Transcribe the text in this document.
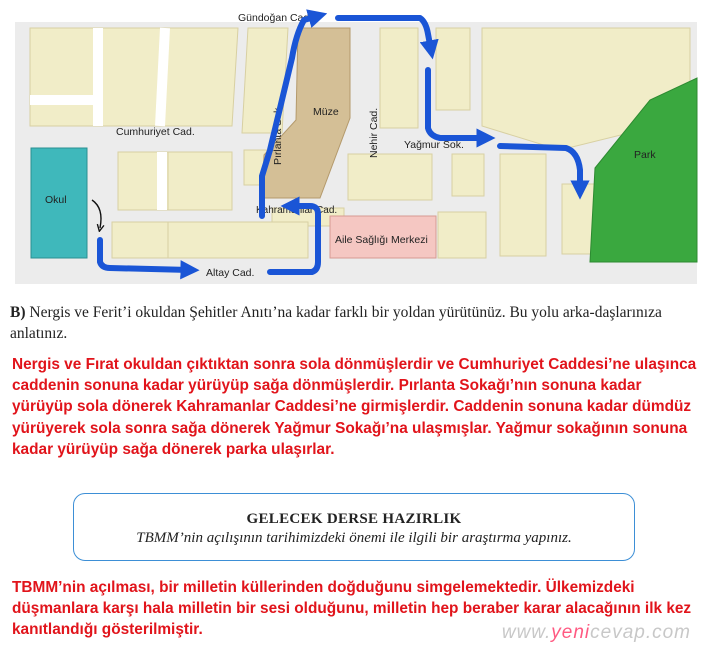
Gündoğan Cad.
Müze
Pırlanta Sok.	Nehir Cad. Yağmur Sok.
Cumhuriyet Cad.
Park
Okul
Kahramanlar Cad.
Aile Sağlığı Merkezi
Altay Cad.
B) Nergis ve Ferit’i okuldan Şehitler Anıtı’na kadar farklı bir yoldan yürütünüz. Bu yolu arka-daşlarınıza anlatınız.
Nergis ve Fırat okuldan çıktıktan sonra sola dönmüşlerdir ve Cumhuriyet Caddesi’ne ulaşınca caddenin sonuna kadar yürüyüp sağa dönmüşlerdir. Pırlanta Sokağı’nın sonuna kadar yürüyüp sola dönerek Kahramanlar Caddesi’ne girmişlerdir. Caddenin sonuna kadar dümdüz yürüyerek sola sonra sağa dönerek Yağmur Sokağı’na ulaşmışlar. Yağmur sokağının sonuna kadar yürüyüp sağa dönerek parka ulaşırlar.
GELECEK DERSE HAZIRLIK
TBMM’nin açılışının tarihimizdeki önemi ile ilgili bir araştırma yapınız.
TBMM’nin açılması, bir milletin küllerinden doğduğunu simgelemektedir. Ülkemizdeki düşmanlara karşı hala milletin bir sesi olduğunu, milletin hep beraber karar alacağının ilk kez kanıtlandığı gösterilmiştir.	www.yenicevap.com
